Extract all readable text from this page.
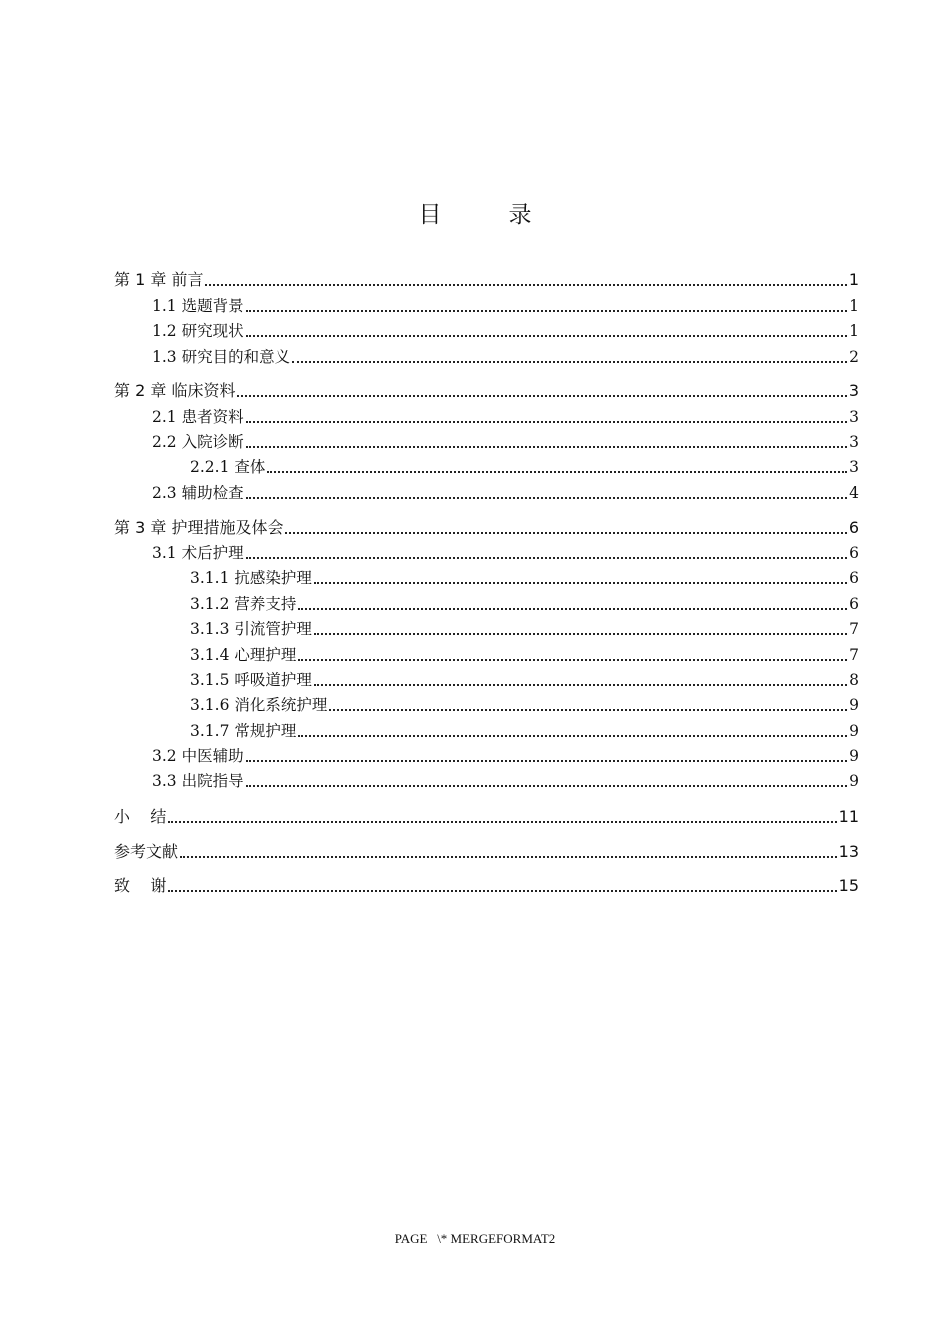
目　录
第 1 章 前言	1
1.1 选题背景	1
1.2 研究现状	1
1.3 研究目的和意义	2
第 2 章 临床资料	3
2.1 患者资料	3
2.2 入院诊断	3
2.2.1 查体	3
2.3 辅助检查	4
第 3 章 护理措施及体会	6
3.1 术后护理	6
3.1.1 抗感染护理	6
3.1.2 营养支持	6
3.1.3 引流管护理	7
3.1.4 心理护理	7
3.1.5 呼吸道护理	8
3.1.6 消化系统护理	9
3.1.7 常规护理	9
3.2 中医辅助	9
3.3 出院指导	9
小    结	11
参考文献	13
致    谢	15
PAGE   \* MERGEFORMAT2
